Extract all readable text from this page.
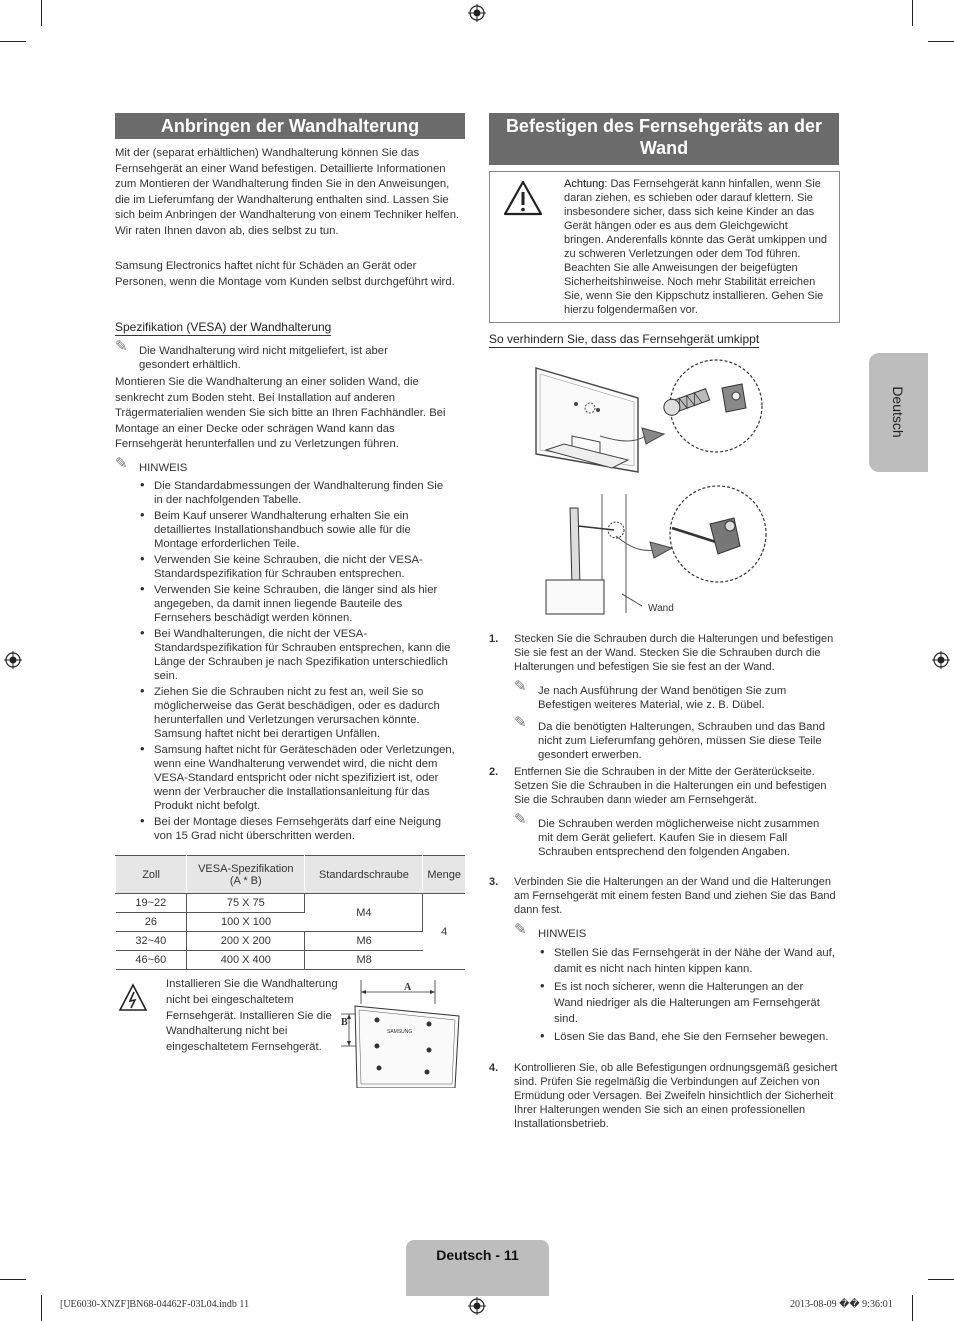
Anbringen der Wandhalterung

Mit der (separat erhältlichen) Wandhalterung können Sie das Fernsehgerät an einer Wand befestigen. Detaillierte Informationen zum Montieren der Wandhalterung finden Sie in den Anweisungen, die im Lieferumfang der Wandhalterung enthalten sind. Lassen Sie sich beim Anbringen der Wandhalterung von einem Techniker helfen. Wir raten Ihnen davon ab, dies selbst zu tun.

Samsung Electronics haftet nicht für Schäden an Gerät oder Personen, wenn die Montage vom Kunden selbst durchgeführt wird.

Spezifikation (VESA) der Wandhalterung
✎ Die Wandhalterung wird nicht mitgeliefert, ist aber gesondert erhältlich.

Montieren Sie die Wandhalterung an einer soliden Wand, die senkrecht zum Boden steht. Bei Installation auf anderen Trägermaterialien wenden Sie sich bitte an Ihren Fachhändler. Bei Montage an einer Decke oder schrägen Wand kann das Fernsehgerät herunterfallen und zu Verletzungen führen.

✎ HINWEIS
• Die Standardabmessungen der Wandhalterung finden Sie in der nachfolgenden Tabelle.
• Beim Kauf unserer Wandhalterung erhalten Sie ein detailliertes Installationshandbuch sowie alle für die Montage erforderlichen Teile.
• Verwenden Sie keine Schrauben, die nicht der VESA-Standardspezifikation für Schrauben entsprechen.
• Verwenden Sie keine Schrauben, die länger sind als hier angegeben, da damit innen liegende Bauteile des Fernsehers beschädigt werden können.
• Bei Wandhalterungen, die nicht der VESA-Standardspezifikation für Schrauben entsprechen, kann die Länge der Schrauben je nach Spezifikation unterschiedlich sein.
• Ziehen Sie die Schrauben nicht zu fest an, weil Sie so möglicherweise das Gerät beschädigen, oder es dadurch herunterfallen und Verletzungen verursachen könnte. Samsung haftet nicht bei derartigen Unfällen.
• Samsung haftet nicht für Geräteschäden oder Verletzungen, wenn eine Wandhalterung verwendet wird, die nicht dem VESA-Standard entspricht oder nicht spezifiziert ist, oder wenn der Verbraucher die Installationsanleitung für das Produkt nicht befolgt.
• Bei der Montage dieses Fernsehgeräts darf eine Neigung von 15 Grad nicht überschritten werden.
Zoll	VESA-Spezifikation (A * B)	Standardschraube	Menge
19~22	75 X 75	M4	4
26	100 X 100		
32~40	200 X 200	M6	
46~60	400 X 400	M8	

Installieren Sie die Wandhalterung nicht bei eingeschaltetem Fernsehgerät. Installieren Sie die Wandhalterung nicht bei eingeschaltetem Fernsehgerät.

A
B
SAMSUNG
Befestigen des Fernsehgeräts an der
Wand

Achtung: Das Fernsehgerät kann hinfallen, wenn Sie daran ziehen, es schieben oder darauf klettern. Sie insbesondere sicher, dass sich keine Kinder an das Gerät hängen oder es aus dem Gleichgewicht bringen. Anderenfalls könnte das Gerät umkippen und zu schweren Verletzungen oder dem Tod führen. Beachten Sie alle Anweisungen der beigefügten Sicherheitshinweise. Noch mehr Stabilität erreichen Sie, wenn Sie den Kippschutz installieren. Gehen Sie hierzu folgendermaßen vor.

So verhindern Sie, dass das Fernsehgerät umkippt
Wand
1. Stecken Sie die Schrauben durch die Halterungen und befestigen Sie sie fest an der Wand. Stecken Sie die Schrauben durch die Halterungen und befestigen Sie sie fest an der Wand.
✎ Je nach Ausführung der Wand benötigen Sie zum Befestigen weiteres Material, wie z. B. Dübel.
✎ Da die benötigten Halterungen, Schrauben und das Band nicht zum Lieferumfang gehören, müssen Sie diese Teile gesondert erwerben.
2. Entfernen Sie die Schrauben in der Mitte der Geräterückseite. Setzen Sie die Schrauben in die Halterungen ein und befestigen Sie die Schrauben dann wieder am Fernsehgerät.
✎ Die Schrauben werden möglicherweise nicht zusammen mit dem Gerät geliefert. Kaufen Sie in diesem Fall Schrauben entsprechend den folgenden Angaben.
3. Verbinden Sie die Halterungen an der Wand und die Halterungen am Fernsehgerät mit einem festen Band und ziehen Sie das Band dann fest.
✎ HINWEIS
• Stellen Sie das Fernsehgerät in der Nähe der Wand auf, damit es nicht nach hinten kippen kann.
• Es ist noch sicherer, wenn die Halterungen an der Wand niedriger als die Halterungen am Fernsehgerät sind.
• Lösen Sie das Band, ehe Sie den Fernseher bewegen.
4. Kontrollieren Sie, ob alle Befestigungen ordnungsgemäß gesichert sind. Prüfen Sie regelmäßig die Verbindungen auf Zeichen von Ermüdung oder Versagen. Bei Zweifeln hinsichtlich der Sicherheit Ihrer Halterungen wenden Sie sich an einen professionellen Installationsbetrieb.
Deutsch
Deutsch - 11
[UE6030-XNZF]BN68-04462F-03L04.indb 11	2013-08-09 �� 9:36:01
